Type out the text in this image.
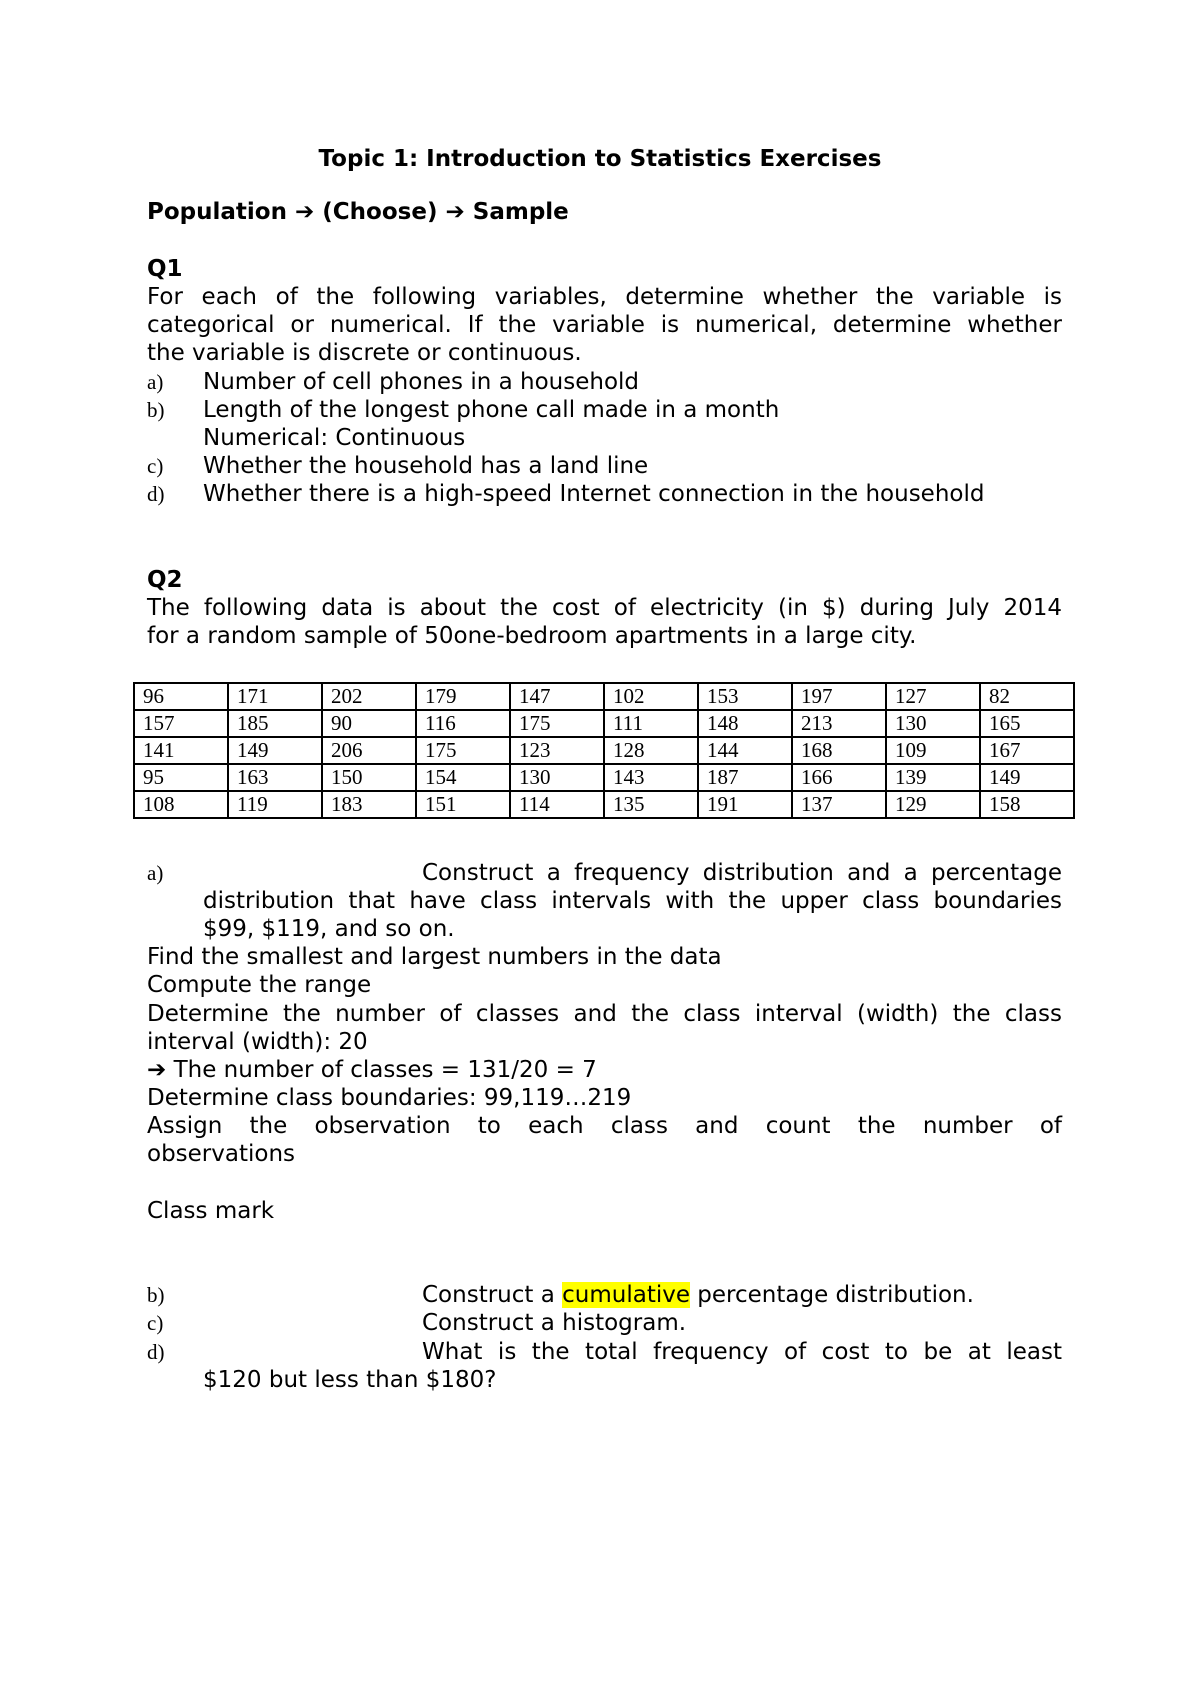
Topic 1: Introduction to Statistics Exercises
Population ➔ (Choose) ➔ Sample
Q1
For each of the following variables, determine whether the variable is
categorical or numerical. If the variable is numerical, determine whether
the variable is discrete or continuous.
a) Number of cell phones in a household
b) Length of the longest phone call made in a month
Numerical: Continuous
c) Whether the household has a land line
d) Whether there is a high-speed Internet connection in the household
Q2
The following data is about the cost of electricity (in $) during July 2014
for a random sample of 50one-bedroom apartments in a large city.
96	171	202	179	147	102	153	197	127	82
157	185	90	116	175	111	148	213	130	165
141	149	206	175	123	128	144	168	109	167
95	163	150	154	130	143	187	166	139	149
108	119	183	151	114	135	191	137	129	158
a)	Construct a frequency distribution and a percentage
distribution that have class intervals with the upper class boundaries
$99, $119, and so on.
Find the smallest and largest numbers in the data
Compute the range
Determine the number of classes and the class interval (width) the class
interval (width): 20
➔ The number of classes = 131/20 = 7
Determine class boundaries: 99,119…219
Assign the observation to each class and count the number of
observations
Class mark
b)	Construct a cumulative percentage distribution.
c)	Construct a histogram.
d)	What is the total frequency of cost to be at least
$120 but less than $180?
